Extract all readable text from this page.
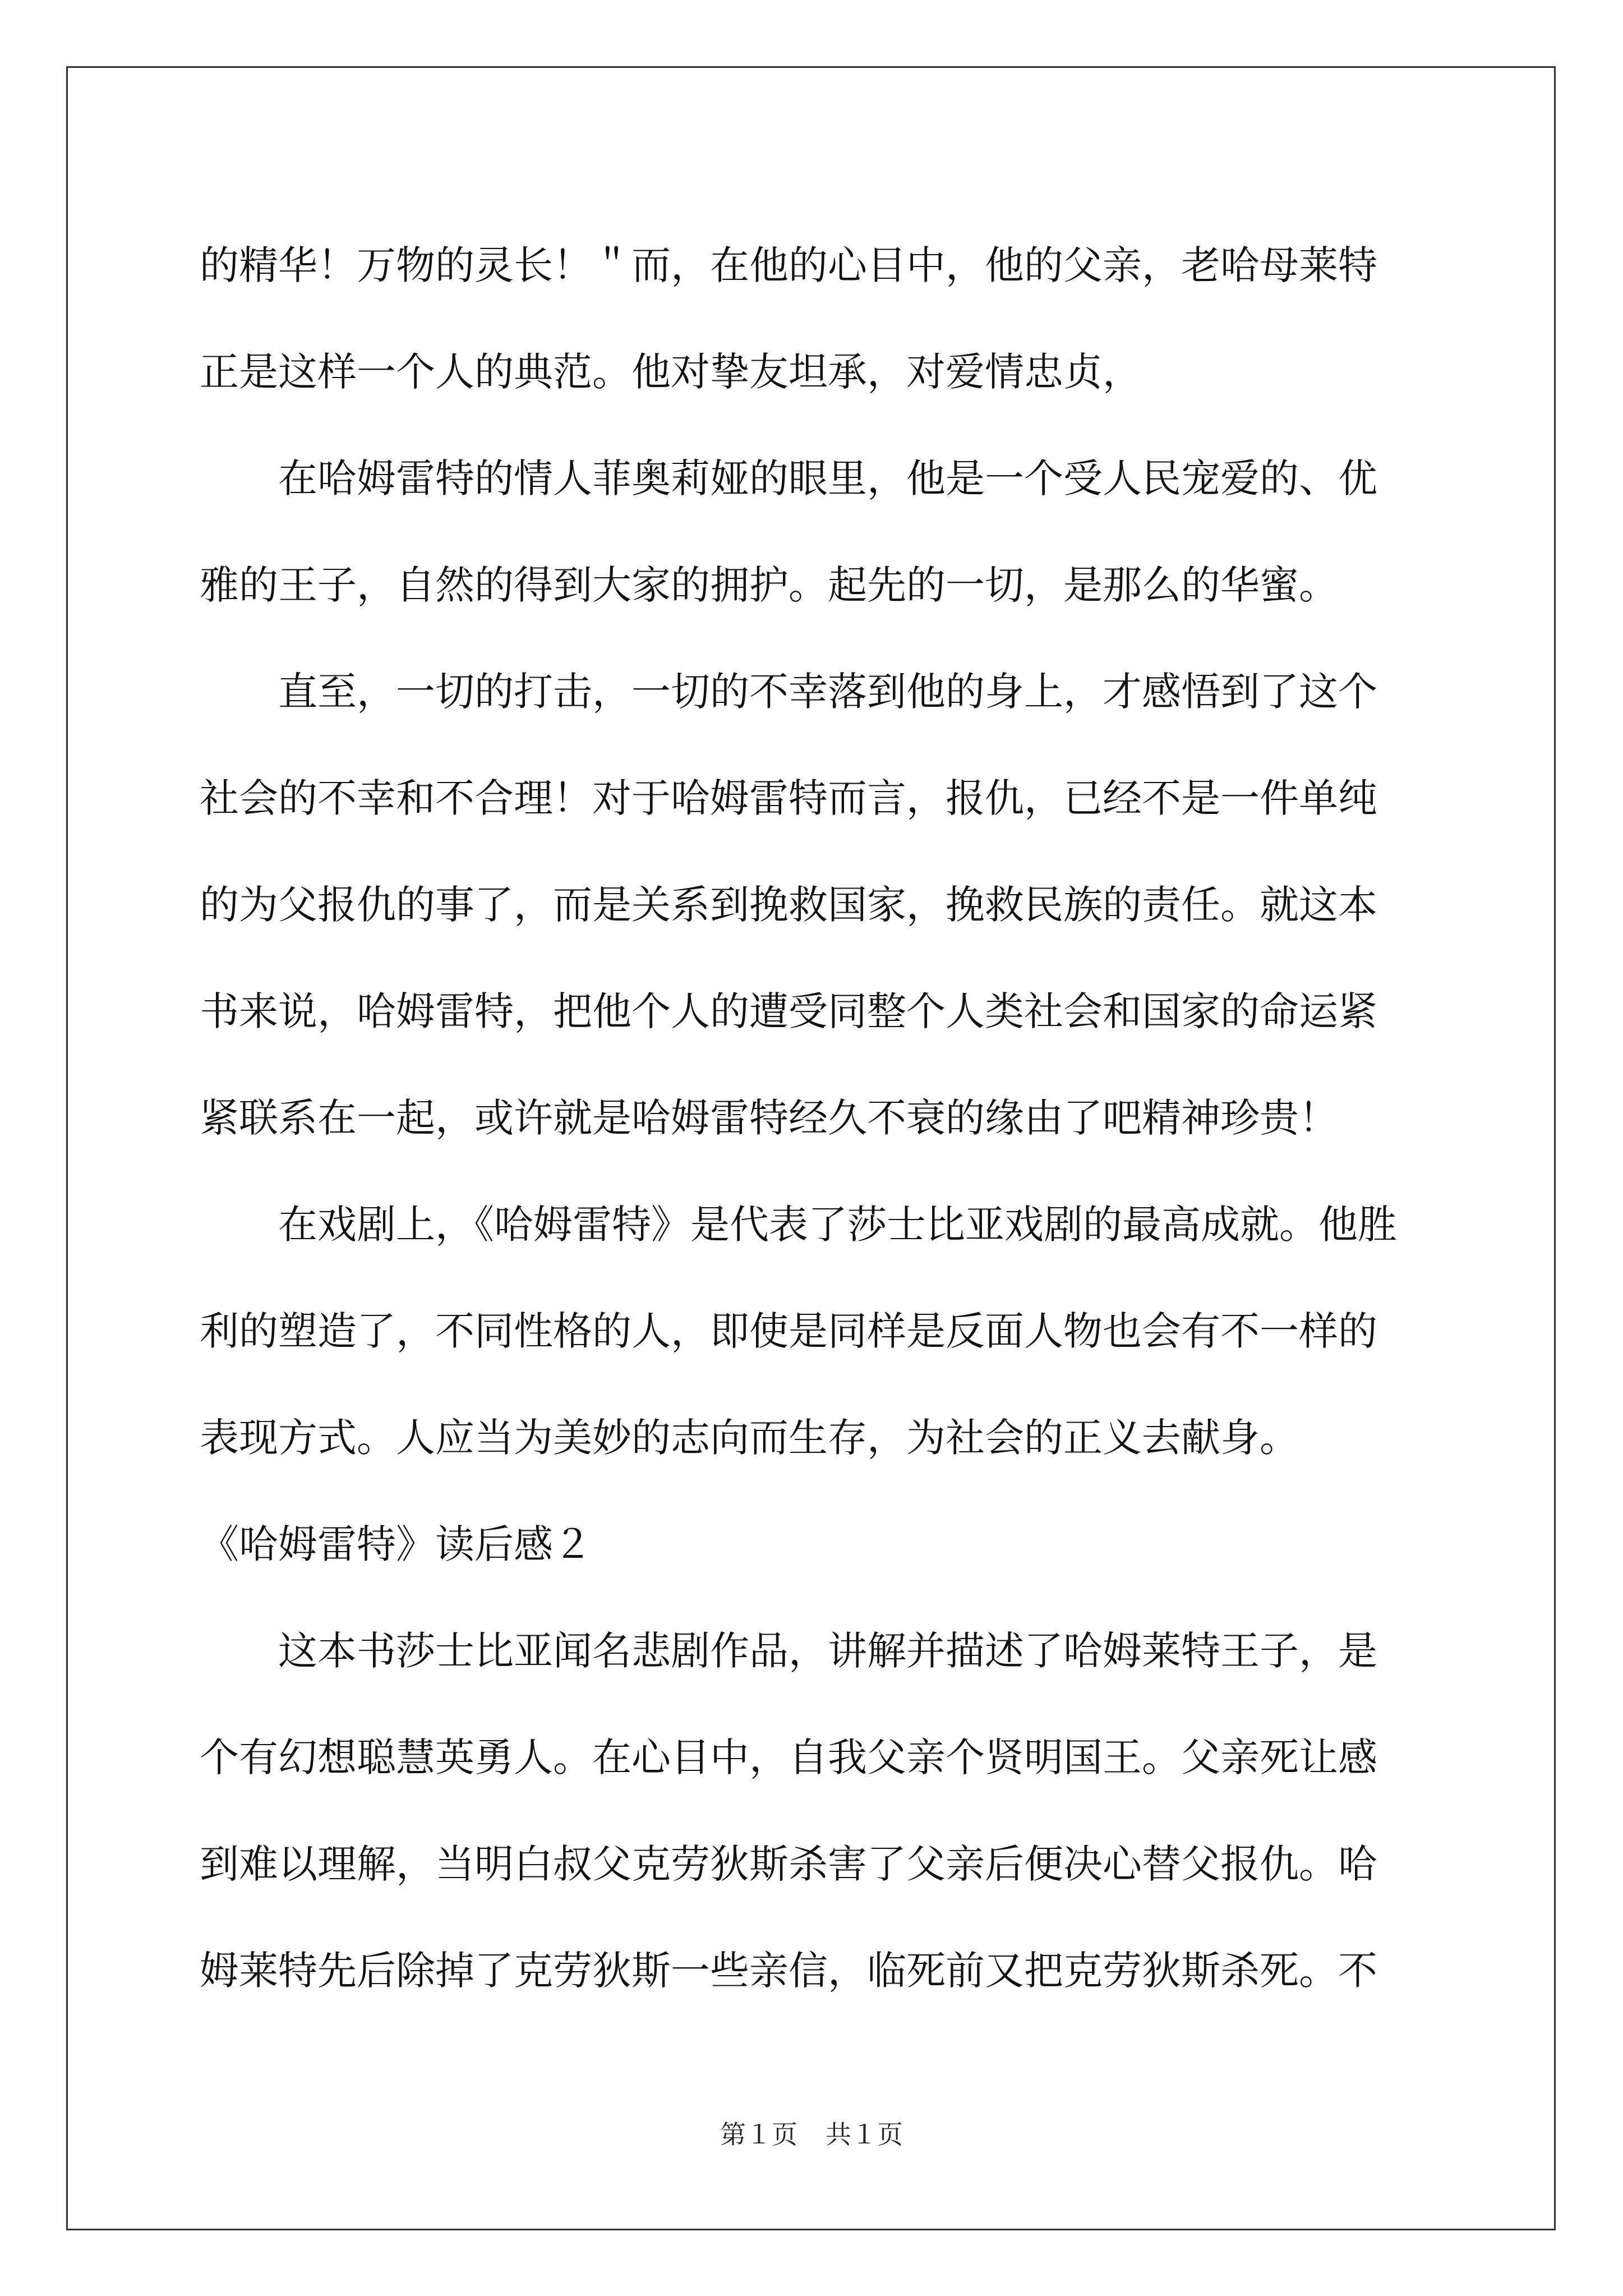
的精华！万物的灵长！＂而，在他的心目中，他的父亲，老哈母莱特

正是这样一个人的典范。他对挚友坦承，对爱情忠贞，

在哈姆雷特的情人菲奥莉娅的眼里，他是一个受人民宠爱的、优

雅的王子，自然的得到大家的拥护。起先的一切，是那么的华蜜。

直至，一切的打击，一切的不幸落到他的身上，才感悟到了这个

社会的不幸和不合理！对于哈姆雷特而言，报仇，已经不是一件单纯

的为父报仇的事了，而是关系到挽救国家，挽救民族的责任。就这本

书来说，哈姆雷特，把他个人的遭受同整个人类社会和国家的命运紧

紧联系在一起，或许就是哈姆雷特经久不衰的缘由了吧精神珍贵！

在戏剧上，《哈姆雷特》是代表了莎士比亚戏剧的最高成就。他胜

利的塑造了，不同性格的人，即使是同样是反面人物也会有不一样的

表现方式。人应当为美妙的志向而生存，为社会的正义去献身。

《哈姆雷特》读后感２

这本书莎士比亚闻名悲剧作品，讲解并描述了哈姆莱特王子，是

个有幻想聪慧英勇人。在心目中，自我父亲个贤明国王。父亲死让感

到难以理解，当明白叔父克劳狄斯杀害了父亲后便决心替父报仇。哈

姆莱特先后除掉了克劳狄斯一些亲信，临死前又把克劳狄斯杀死。不

第１页 共１页
